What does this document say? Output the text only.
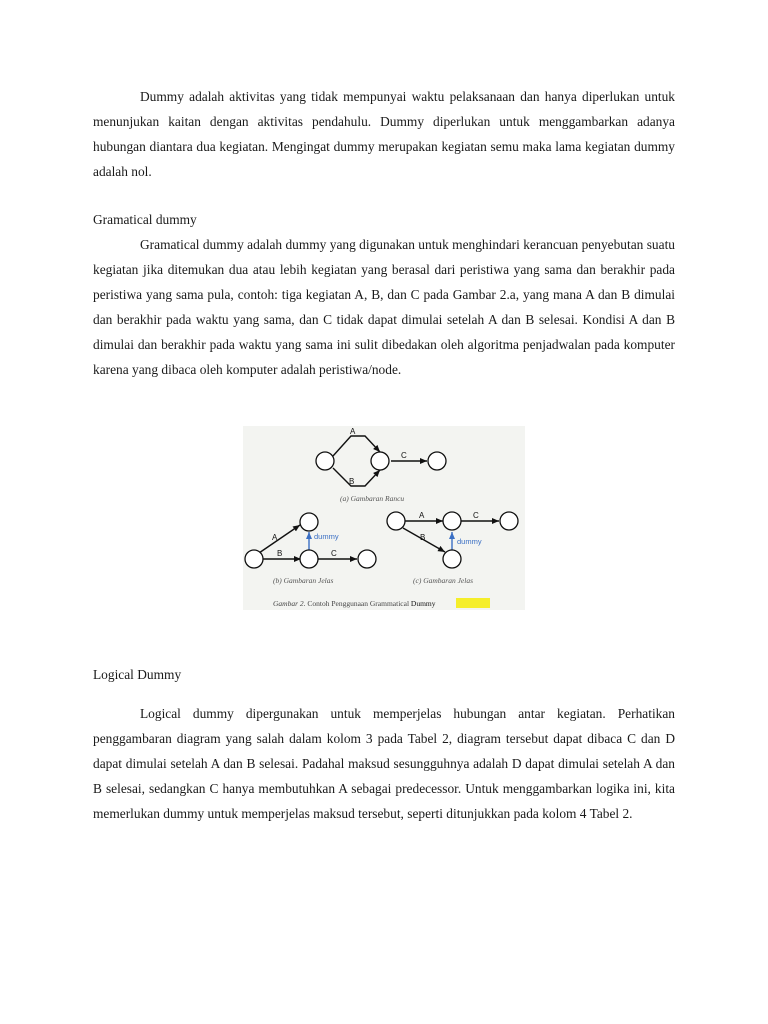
Dummy adalah aktivitas yang tidak mempunyai waktu pelaksanaan dan hanya diperlukan untuk menunjukan kaitan dengan aktivitas pendahulu. Dummy diperlukan untuk menggambarkan adanya hubungan diantara dua kegiatan. Mengingat dummy merupakan kegiatan semu maka lama kegiatan dummy adalah nol.

Gramatical dummy

Gramatical dummy adalah dummy yang digunakan untuk menghindari kerancuan penyebutan suatu kegiatan jika ditemukan dua atau lebih kegiatan yang berasal dari peristiwa yang sama dan berakhir pada peristiwa yang sama pula, contoh: tiga kegiatan A, B, dan C pada Gambar 2.a, yang mana A dan B dimulai dan berakhir pada waktu yang sama, dan C tidak dapat dimulai setelah A dan B selesai. Kondisi A dan B dimulai dan berakhir pada waktu yang sama ini sulit dibedakan oleh algoritma penjadwalan pada komputer karena yang dibaca oleh komputer adalah peristiwa/node.

A
B
C
(a) Gambaran Rancu
A
B
dummy
C
(b) Gambaran Jelas
A	C
B	dummy
(c) Gambaran Jelas
Gambar 2. Contoh Penggunaan Grammatical Dummy
Logical Dummy

Logical dummy dipergunakan untuk memperjelas hubungan antar kegiatan. Perhatikan penggambaran diagram yang salah dalam kolom 3 pada Tabel 2, diagram tersebut dapat dibaca C dan D dapat dimulai setelah A dan B selesai. Padahal maksud sesungguhnya adalah D dapat dimulai setelah A dan B selesai, sedangkan C hanya membutuhkan A sebagai predecessor. Untuk menggambarkan logika ini, kita memerlukan dummy untuk memperjelas maksud tersebut, seperti ditunjukkan pada kolom 4 Tabel 2.
